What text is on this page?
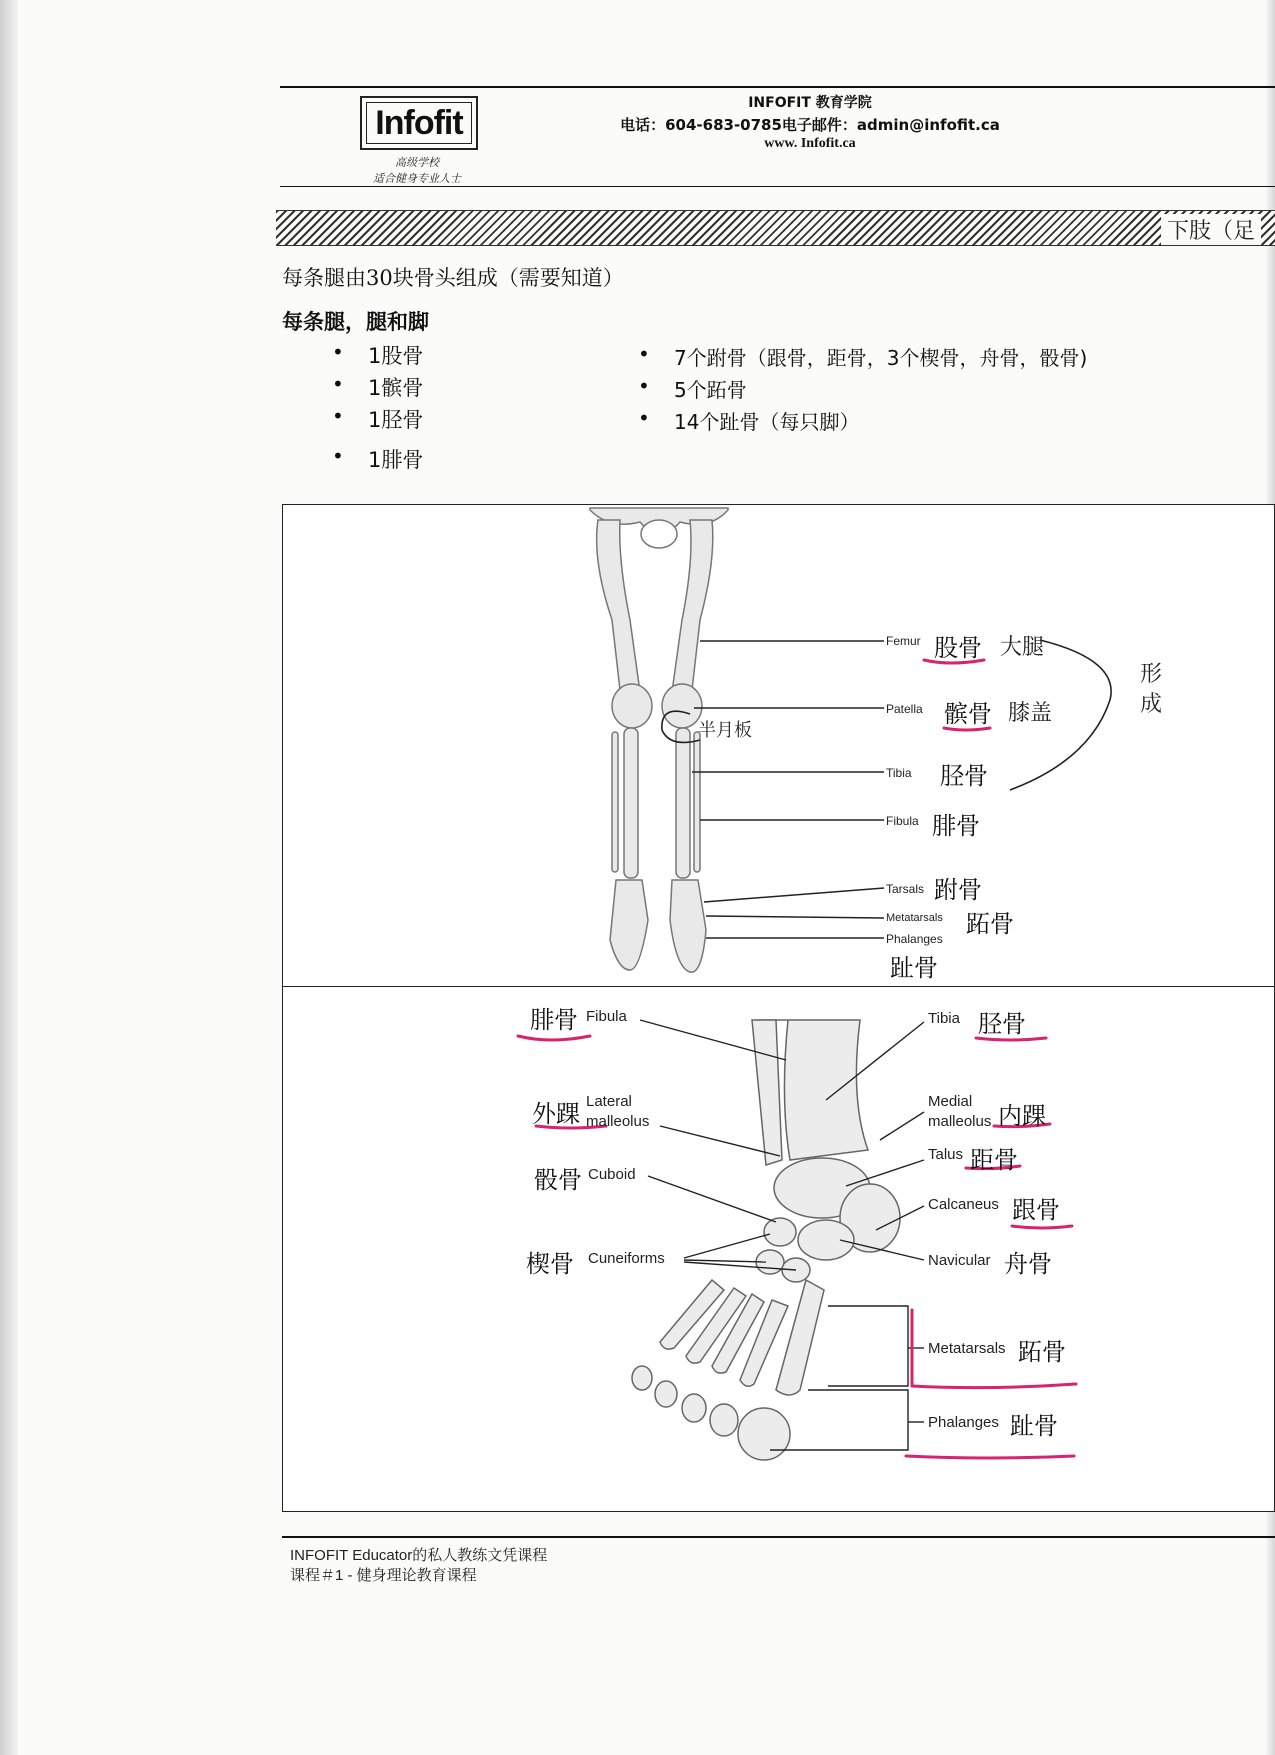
Infofit
高级学校
适合健身专业人士
INFOFIT 教育学院
电话：604-683-0785电子邮件：admin@infofit.ca
www. Infofit.ca
下肢（足
每条腿由30块骨头组成（需要知道）
每条腿，腿和脚
• 1股骨
• 1髌骨
• 1胫骨
• 1腓骨
• 7个跗骨（跟骨，距骨，3个楔骨，舟骨，骰骨)
• 5个跖骨
• 14个趾骨（每只脚）
Femur 股骨
Patella 髌骨
Tibia 胫骨
Fibula 腓骨
Tarsals 跗骨
Metatarsals 跖骨
Phalanges
趾骨
大腿
膝盖
半月板
形成
腓骨 Fibula
外踝 Lateral malleolus
骰骨 Cuboid
楔骨 Cuneiforms
Tibia 胫骨
Medial malleolus 内踝
Talus 距骨
Calcaneus 跟骨
Navicular 舟骨
Metatarsals 跖骨
Phalanges 趾骨
INFOFIT Educator的私人教练文凭课程
课程＃1 - 健身理论教育课程
